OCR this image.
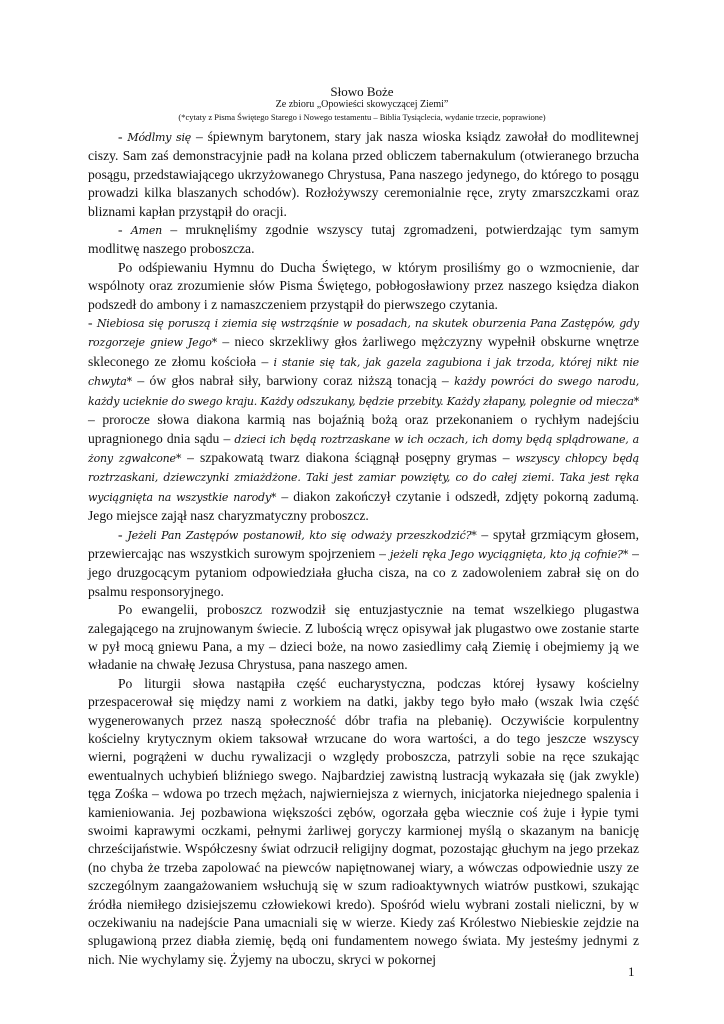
Słowo Boże
Ze zbioru „Opowieści skowyczącej Ziemi”
(*cytaty z Pisma Świętego Starego i Nowego testamentu – Biblia Tysiąclecia, wydanie trzecie, poprawione)

- Módlmy się – śpiewnym barytonem, stary jak nasza wioska ksiądz zawołał do modlitewnej ciszy. Sam zaś demonstracyjnie padł na kolana przed obliczem tabernakulum (otwieranego brzucha posągu, przedstawiającego ukrzyżowanego Chrystusa, Pana naszego jedynego, do którego to posągu prowadzi kilka blaszanych schodów). Rozłożywszy ceremonialnie ręce, zryty zmarszczkami oraz bliznami kapłan przystąpił do oracji.

- Amen – mruknęliśmy zgodnie wszyscy tutaj zgromadzeni, potwierdzając tym samym modlitwę naszego proboszcza.

Po odśpiewaniu Hymnu do Ducha Świętego, w którym prosiliśmy go o wzmocnienie, dar wspólnoty oraz zrozumienie słów Pisma Świętego, pobłogosławiony przez naszego księdza diakon podszedł do ambony i z namaszczeniem przystąpił do pierwszego czytania.

- Niebiosa się poruszą i ziemia się wstrząśnie w posadach, na skutek oburzenia Pana Zastępów, gdy rozgorzeje gniew Jego* – nieco skrzekliwy głos żarliwego mężczyzny wypełnił obskurne wnętrze skleconego ze złomu kościoła – i stanie się tak, jak gazela zagubiona i jak trzoda, której nikt nie chwyta* – ów głos nabrał siły, barwiony coraz niższą tonacją – każdy powróci do swego narodu, każdy ucieknie do swego kraju. Każdy odszukany, będzie przebity. Każdy złapany, polegnie od miecza* – prorocze słowa diakona karmią nas bojaźnią bożą oraz przekonaniem o rychłym nadejściu upragnionego dnia sądu – dzieci ich będą roztrzaskane w ich oczach, ich domy będą splądrowane, a żony zgwałcone* – szpakowatą twarz diakona ściągnął posępny grymas – wszyscy chłopcy będą roztrzaskani, dziewczynki zmiażdżone. Taki jest zamiar powzięty, co do całej ziemi. Taka jest ręka wyciągnięta na wszystkie narody* – diakon zakończył czytanie i odszedł, zdjęty pokorną zadumą. Jego miejsce zajął nasz charyzmatyczny proboszcz.

- Jeżeli Pan Zastępów postanowił, kto się odważy przeszkodzić?* – spytał grzmiącym głosem, przewiercając nas wszystkich surowym spojrzeniem – jeżeli ręka Jego wyciągnięta, kto ją cofnie?* – jego druzgocącym pytaniom odpowiedziała głucha cisza, na co z zadowoleniem zabrał się on do psalmu responsoryjnego.

Po ewangelii, proboszcz rozwodził się entuzjastycznie na temat wszelkiego plugastwa zalegającego na zrujnowanym świecie. Z lubością wręcz opisywał jak plugastwo owe zostanie starte w pył mocą gniewu Pana, a my – dzieci boże, na nowo zasiedlimy całą Ziemię i obejmiemy ją we władanie na chwałę Jezusa Chrystusa, pana naszego amen.

Po liturgii słowa nastąpiła część eucharystyczna, podczas której łysawy kościelny przespacerował się między nami z workiem na datki, jakby tego było mało (wszak lwia część wygenerowanych przez naszą społeczność dóbr trafia na plebanię). Oczywiście korpulentny kościelny krytycznym okiem taksował wrzucane do wora wartości, a do tego jeszcze wszyscy wierni, pogrążeni w duchu rywalizacji o względy proboszcza, patrzyli sobie na ręce szukając ewentualnych uchybień bliźniego swego. Najbardziej zawistną lustracją wykazała się (jak zwykle) tęga Zośka – wdowa po trzech mężach, najwierniejsza z wiernych, inicjatorka niejednego spalenia i kamieniowania. Jej pozbawiona większości zębów, ogorzała gęba wiecznie coś żuje i łypie tymi swoimi kaprawymi oczkami, pełnymi żarliwej goryczy karmionej myślą o skazanym na banicję chrześcijaństwie. Współczesny świat odrzucił religijny dogmat, pozostając głuchym na jego przekaz (no chyba że trzeba zapolować na piewców napiętnowanej wiary, a wówczas odpowiednie uszy ze szczególnym zaangażowaniem wsłuchują się w szum radioaktywnych wiatrów pustkowi, szukając źródła niemiłego dzisiejszemu człowiekowi kredo). Spośród wielu wybrani zostali nieliczni, by w oczekiwaniu na nadejście Pana umacniali się w wierze. Kiedy zaś Królestwo Niebieskie zejdzie na splugawioną przez diabła ziemię, będą oni fundamentem nowego świata. My jesteśmy jednymi z nich. Nie wychylamy się. Żyjemy na uboczu, skryci w pokornej

1
